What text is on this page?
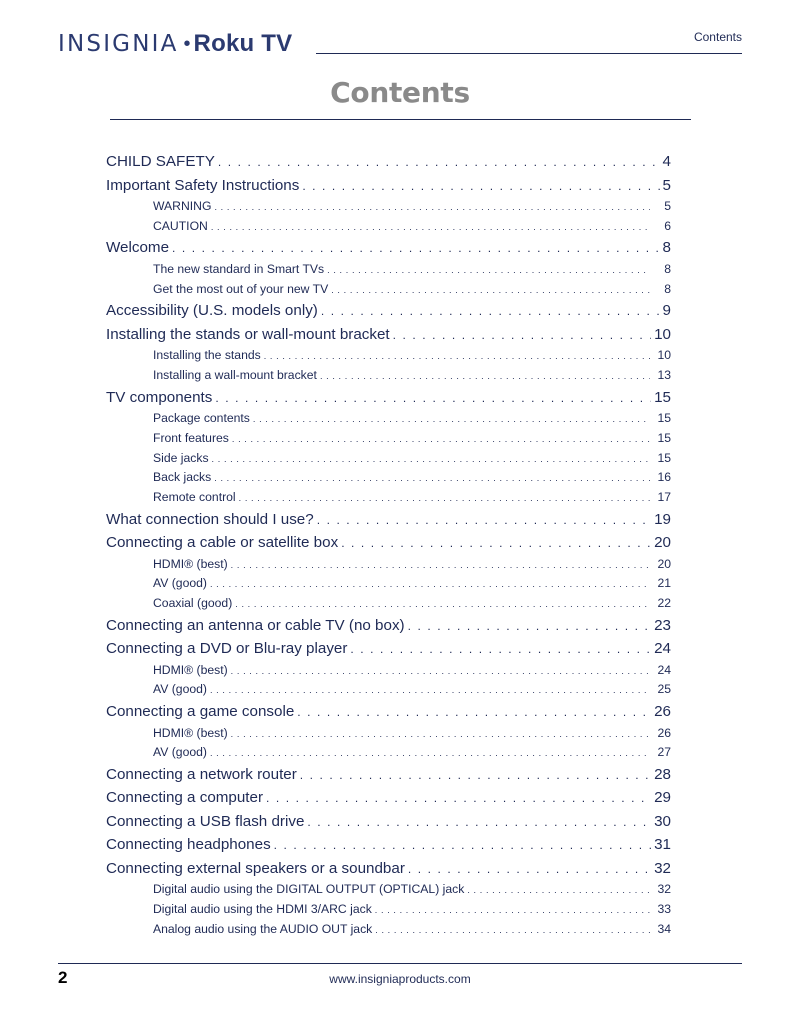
INSIGNIA • Roku TV	Contents
Contents
CHILD SAFETY . . .	4
Important Safety Instructions . . .	5
WARNING . . .	5
CAUTION . . .	6
Welcome . . .	8
The new standard in Smart TVs . . .	8
Get the most out of your new TV . . .	8
Accessibility (U.S. models only) . . .	9
Installing the stands or wall-mount bracket . . .	10
Installing the stands . . .	10
Installing a wall-mount bracket . . .	13
TV components . . .	15
Package contents . . .	15
Front features . . .	15
Side jacks . . .	15
Back jacks . . .	16
Remote control . . .	17
What connection should I use? . . .	19
Connecting a cable or satellite box . . .	20
HDMI® (best) . . .	20
AV (good) . . .	21
Coaxial (good) . . .	22
Connecting an antenna or cable TV (no box) . . .	23
Connecting a DVD or Blu-ray player . . .	24
HDMI® (best) . . .	24
AV (good) . . .	25
Connecting a game console . . .	26
HDMI® (best) . . .	26
AV (good) . . .	27
Connecting a network router . . .	28
Connecting a computer . . .	29
Connecting a USB flash drive . . .	30
Connecting headphones . . .	31
Connecting external speakers or a soundbar . . .	32
Digital audio using the DIGITAL OUTPUT (OPTICAL) jack . . .	32
Digital audio using the HDMI 3/ARC jack . . .	33
Analog audio using the AUDIO OUT jack . . .	34
2	www.insigniaproducts.com
